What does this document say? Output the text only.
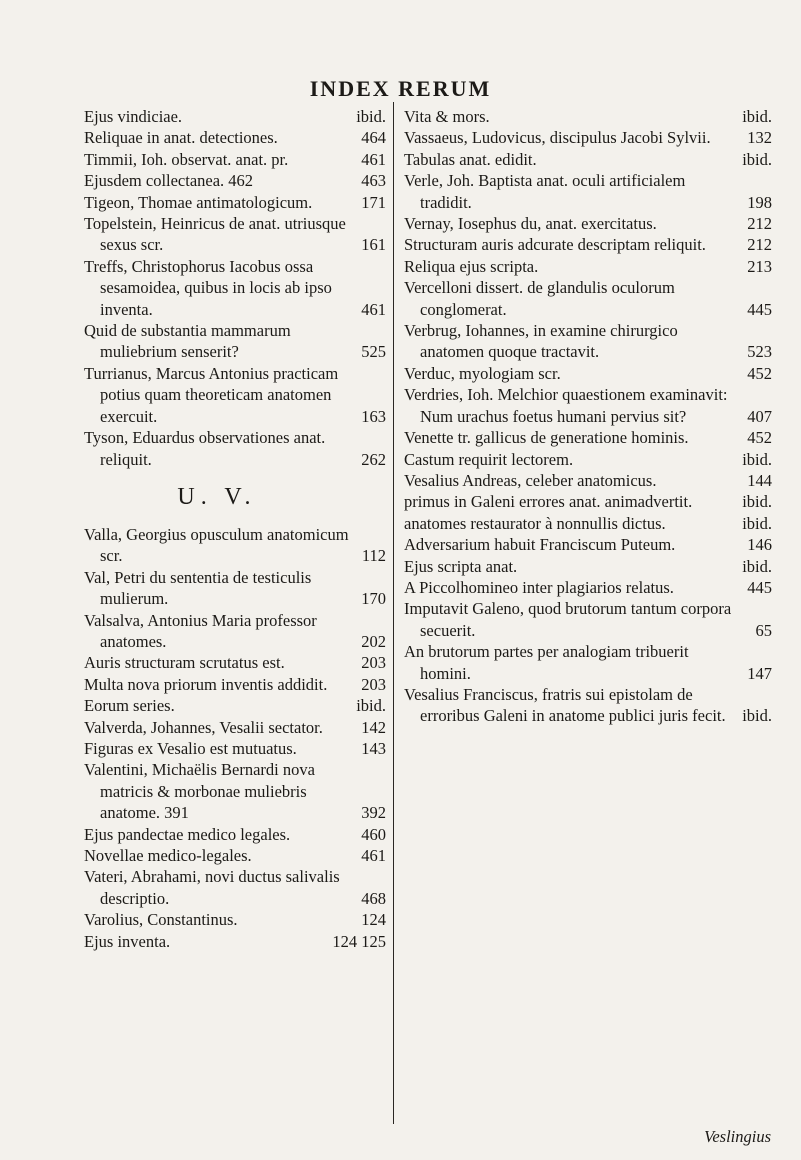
INDEX RERUM
Ejus vindiciae.	ibid.
Reliquae in anat. detectiones.	464
Timmii, Ioh. observat. anat. pr.	461
Ejusdem collectanea. 462	463
Tigeon, Thomae antimatologicum.	171
Topelstein, Heinricus de anat. utriusque sexus scr.	161
Treffs, Christophorus Iacobus ossa sesamoidea, quibus in locis ab ipso inventa.	461
Quid de substantia mammarum muliebrium senserit?	525
Turrianus, Marcus Antonius practicam potius quam theoreticam anatomen exercuit.	163
Tyson, Eduardus observationes anat. reliquit.	262
U. V.
Valla, Georgius opusculum anatomicum scr.	112
Val, Petri du sententia de testiculis mulierum.	170
Valsalva, Antonius Maria professor anatomes.	202
Auris structuram scrutatus est.	203
Multa nova priorum inventis addidit.	203
Eorum series.	ibid.
Valverda, Johannes, Vesalii sectator.	142
Figuras ex Vesalio est mutuatus.	143
Valentini, Michaëlis Bernardi nova matricis & morbonae muliebris anatome. 391	392
Ejus pandectae medico legales.	460
Novellae medico-legales.	461
Vateri, Abrahami, novi ductus salivalis descriptio.	468
Varolius, Constantinus.	124
Ejus inventa.	124 125
Vita & mors.	ibid.
Vassaeus, Ludovicus, discipulus Jacobi Sylvii.	132
Tabulas anat. edidit.	ibid.
Verle, Joh. Baptista anat. oculi artificialem tradidit.	198
Vernay, Iosephus du, anat. exercitatus.	212
Structuram auris adcurate descriptam reliquit.	212
Reliqua ejus scripta.	213
Vercelloni dissert. de glandulis oculorum conglomerat.	445
Verbrug, Iohannes, in examine chirurgico anatomen quoque tractavit.	523
Verduc, myologiam scr.	452
Verdries, Ioh. Melchior quaestionem examinavit: Num urachus foetus humani pervius sit?	407
Venette tr. gallicus de generatione hominis.	452
Castum requirit lectorem.	ibid.
Vesalius Andreas, celeber anatomicus.	144
primus in Galeni errores anat. animadvertit.	ibid.
anatomes restaurator à nonnullis dictus.	ibid.
Adversarium habuit Franciscum Puteum.	146
Ejus scripta anat.	ibid.
A Piccolhomineo inter plagiarios relatus.	445
Imputavit Galeno, quod brutorum tantum corpora secuerit.	65
An brutorum partes per analogiam tribuerit homini.	147
Vesalius Franciscus, fratris sui epistolam de erroribus Galeni in anatome publici juris fecit.	ibid.
Veslingius
